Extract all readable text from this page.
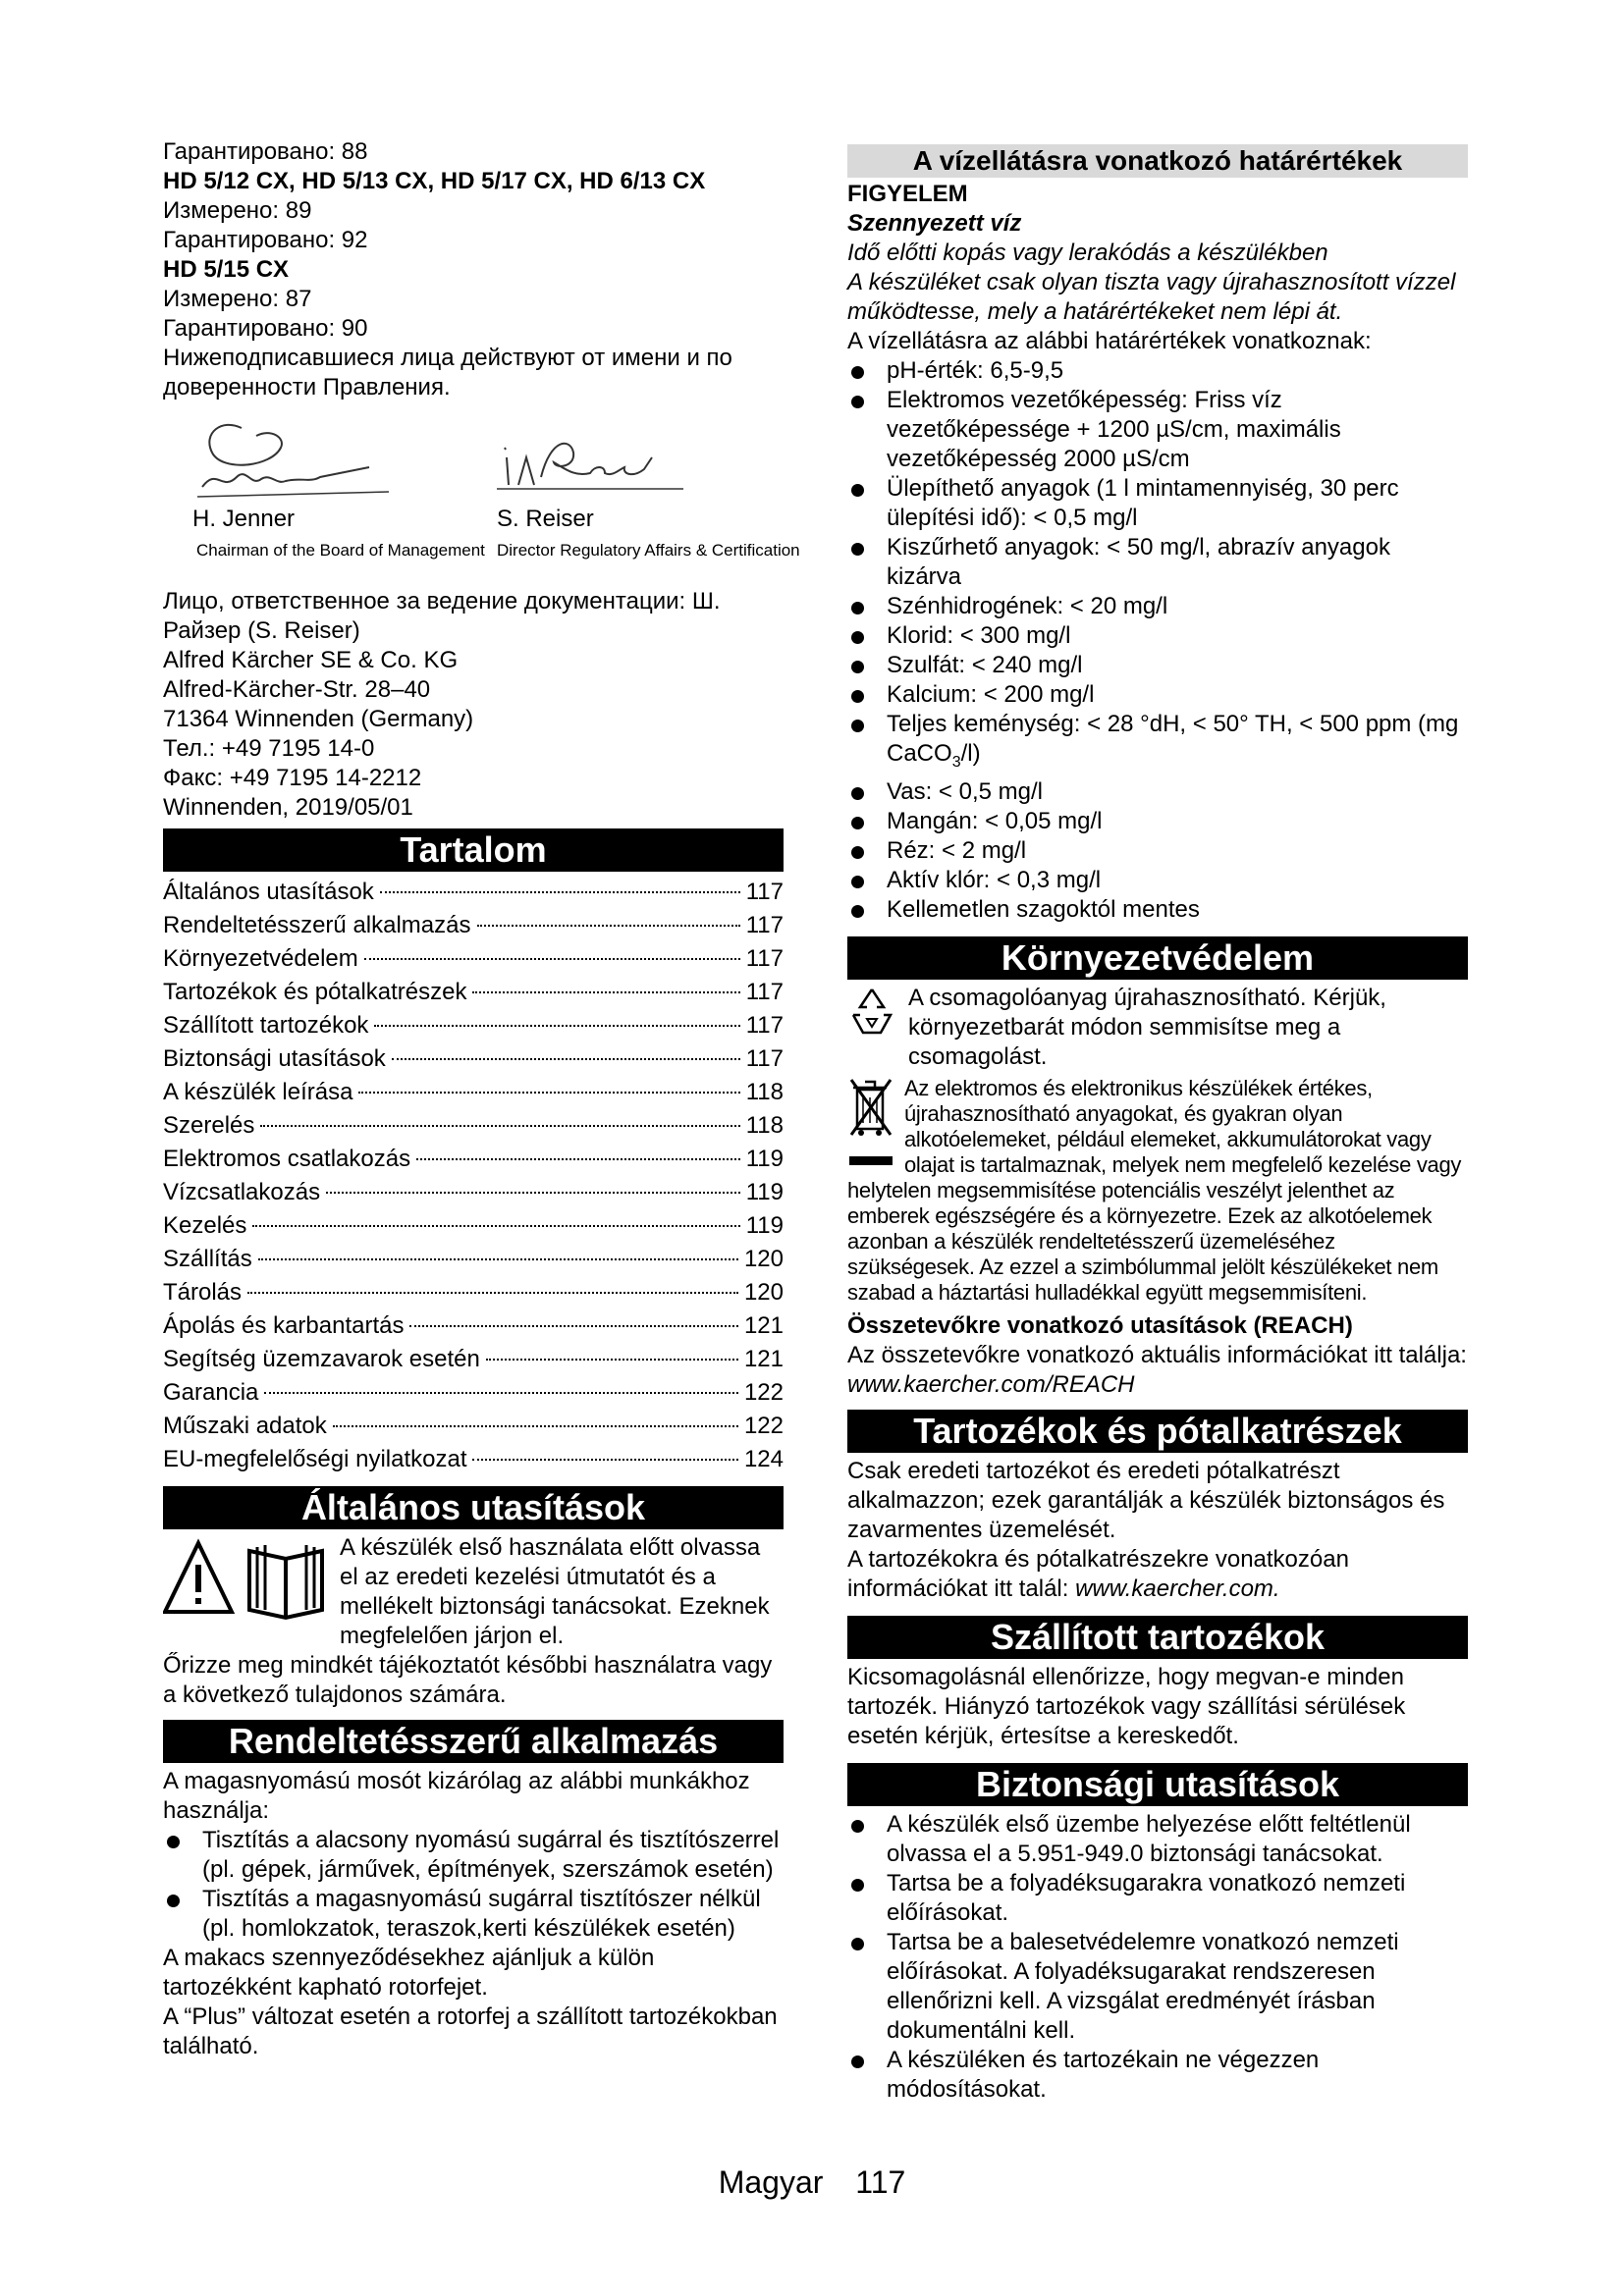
Гарантировано: 88

HD 5/12 CX, HD 5/13 CX, HD 5/17 CX, HD 6/13 CX

Измерено: 89

Гарантировано: 92

HD 5/15 CX

Измерено: 87

Гарантировано: 90

Нижеподписавшиеся лица действуют от имени и по доверенности Правления.

H. Jenner
Chairman of the Board of Management
S. Reiser
Director Regulatory Affairs & Certification

Лицо, ответственное за ведение документации: Ш. Райзер (S. Reiser)

Alfred Kärcher SE & Co. KG

Alfred-Kärcher-Str. 28–40

71364 Winnenden (Germany)

Тел.: +49 7195 14-0

Факс: +49 7195 14-2212

Winnenden, 2019/05/01

Tartalom
Általános utasítások	117
Rendeltetésszerű alkalmazás	117
Környezetvédelem	117
Tartozékok és pótalkatrészek	117
Szállított tartozékok	117
Biztonsági utasítások	117
A készülék leírása	118
Szerelés	118
Elektromos csatlakozás	119
Vízcsatlakozás	119
Kezelés	119
Szállítás	120
Tárolás	120
Ápolás és karbantartás	121
Segítség üzemzavarok esetén	121
Garancia	122
Műszaki adatok	122
EU-megfelelőségi nyilatkozat	124
Általános utasítások

A készülék első használata előtt olvassa el az eredeti kezelési útmutatót és a mellékelt biztonsági tanácsokat. Ezeknek megfelelően járjon el.

Őrizze meg mindkét tájékoztatót későbbi használatra vagy a következő tulajdonos számára.

Rendeltetésszerű alkalmazás

A magasnyomású mosót kizárólag az alábbi munkákhoz használja:

Tisztítás a alacsony nyomású sugárral és tisztítószerrel (pl. gépek, járművek, építmények, szerszámok esetén)
Tisztítás a magasnyomású sugárral tisztítószer nélkül (pl. homlokzatok, teraszok,kerti készülékek esetén)

A makacs szennyeződésekhez ajánljuk a külön tartozékként kapható rotorfejet.

A “Plus” változat esetén a rotorfej a szállított tartozékokban található.

A vízellátásra vonatkozó határértékek

FIGYELEM

Szennyezett víz

Idő előtti kopás vagy lerakódás a készülékben

A készüléket csak olyan tiszta vagy újrahasznosított vízzel működtesse, mely a határértékeket nem lépi át.

A vízellátásra az alábbi határértékek vonatkoznak:

pH-érték: 6,5-9,5
Elektromos vezetőképesség: Friss víz vezetőképessége + 1200 µS/cm, maximális vezetőképesség 2000 µS/cm
Ülepíthető anyagok (1 l mintamennyiség, 30 perc ülepítési idő): < 0,5 mg/l
Kiszűrhető anyagok: < 50 mg/l, abrazív anyagok kizárva
Szénhidrogének: < 20 mg/l
Klorid: < 300 mg/l
Szulfát: < 240 mg/l
Kalcium: < 200 mg/l
Teljes keménység: < 28 °dH, < 50° TH, < 500 ppm (mg CaCO$_3$/l)
Vas: < 0,5 mg/l
Mangán: < 0,05 mg/l
Réz: < 2 mg/l
Aktív klór: < 0,3 mg/l
Kellemetlen szagoktól mentes
Környezetvédelem

A csomagolóanyag újrahasznosítható. Kérjük, környezetbarát módon semmisítse meg a csomagolást.

Az elektromos és elektronikus készülékek értékes, újrahasznosítható anyagokat, és gyakran olyan alkotóelemeket, például elemeket, akkumulátorokat vagy olajat is tartalmaznak, melyek nem megfelelő kezelése vagy helytelen megsemmisítése potenciális veszélyt jelenthet az emberek egészségére és a környezetre. Ezek az alkotóelemek azonban a készülék rendeltetésszerű üzemeléséhez szükségesek. Az ezzel a szimbólummal jelölt készülékeket nem szabad a háztartási hulladékkal együtt megsemmisíteni.

Összetevőkre vonatkozó utasítások (REACH)

Az összetevőkre vonatkozó aktuális információkat itt találja: www.kaercher.com/REACH

Tartozékok és pótalkatrészek

Csak eredeti tartozékot és eredeti pótalkatrészt alkalmazzon; ezek garantálják a készülék biztonságos és zavarmentes üzemelését.

A tartozékokra és pótalkatrészekre vonatkozóan információkat itt talál: www.kaercher.com.

Szállított tartozékok

Kicsomagolásnál ellenőrizze, hogy megvan-e minden tartozék. Hiányzó tartozékok vagy szállítási sérülések esetén kérjük, értesítse a kereskedőt.

Biztonsági utasítások
A készülék első üzembe helyezése előtt feltétlenül olvassa el a 5.951-949.0 biztonsági tanácsokat.
Tartsa be a folyadéksugarakra vonatkozó nemzeti előírásokat.
Tartsa be a balesetvédelemre vonatkozó nemzeti előírásokat. A folyadéksugarakat rendszeresen ellenőrizni kell. A vizsgálat eredményét írásban dokumentálni kell.
A készüléken és tartozékain ne végezzen módosításokat.
Magyar 117
